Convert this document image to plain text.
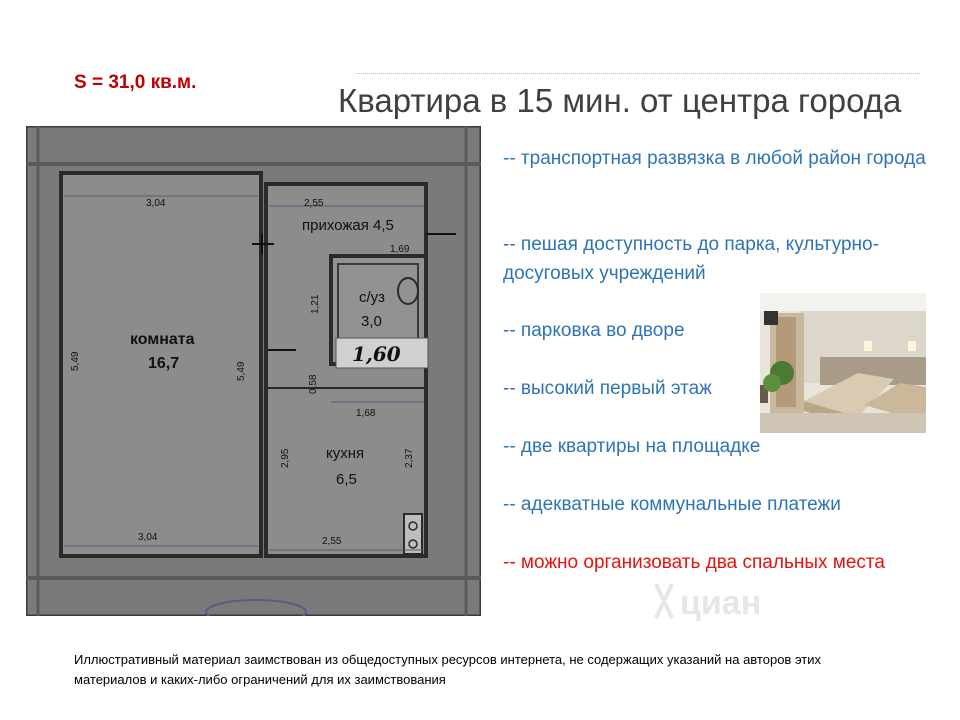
S = 31,0 кв.м.	Квартира в 15 мин. от центра города
3,04	2,55
прихожая 4,5
1,69
с/уз
3,0
1,60
комната
16,7
1,68
кухня
6,5
3,04	2,55
5,49
5,49
1,21
0,58
2,95	2,37
-- транспортная развязка в любой район города
-- пешая доступность до парка, культурно-досуговых учреждений
-- парковка во дворе
-- высокий первый этаж
-- две квартиры на площадке
-- адекватные коммунальные платежи
-- можно организовать два спальных места
циан
Иллюстративный материал заимствован из общедоступных ресурсов интернета, не содержащих указаний на авторов этих материалов и каких-либо ограничений для их заимствования
